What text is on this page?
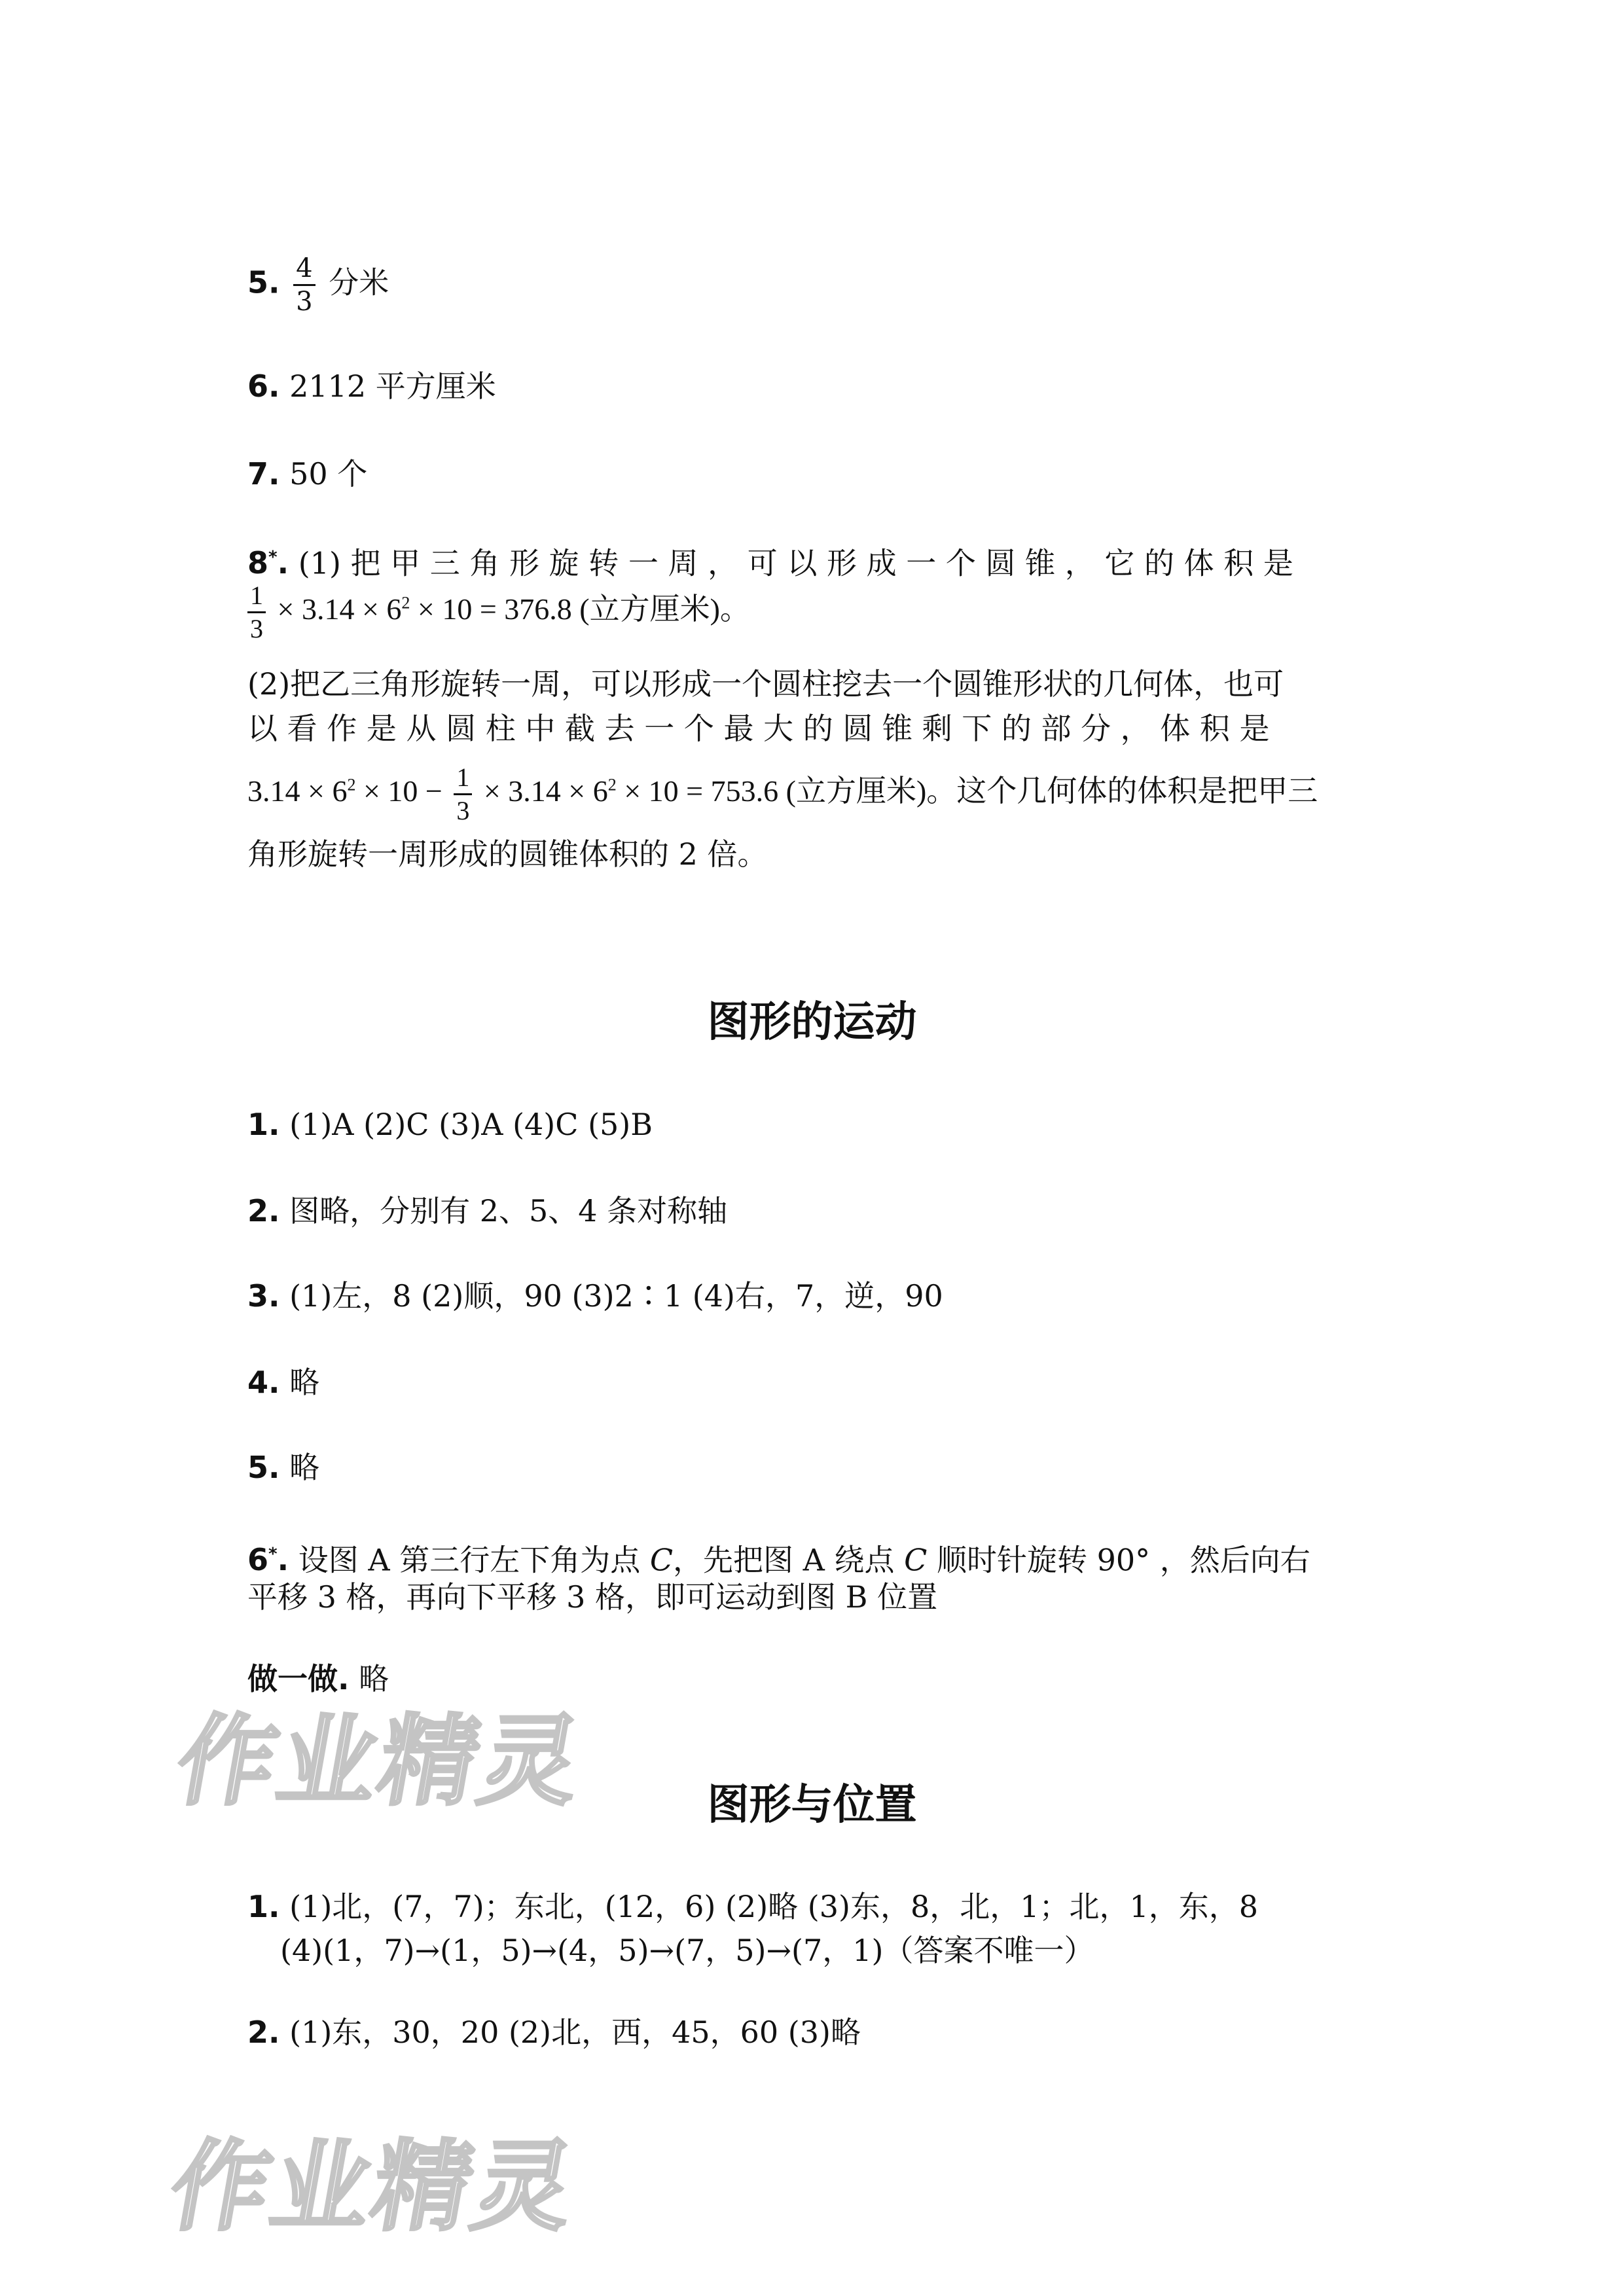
5. $\frac{4}{3}$ 分米
6. 2112 平方厘米
7. 50 个
8*. (1) 把 甲 三 角 形 旋 转 一 周 ， 可 以 形 成 一 个 圆 锥 ， 它 的 体 积 是
$\frac{1}{3} \times 3.14 \times 6^2 \times 10 = 376.8$ (立方厘米)。
(2)把乙三角形旋转一周，可以形成一个圆柱挖去一个圆锥形状的几何体，也可
以 看 作 是 从 圆 柱 中 截 去 一 个 最 大 的 圆 锥 剩 下 的 部 分 ， 体 积 是
$3.14 \times 6^2 \times 10 - \frac{1}{3} \times 3.14 \times 6^2 \times 10 = 753.6$ (立方厘米)。这个几何体的体积是把甲三
角形旋转一周形成的圆锥体积的 2 倍。
图形的运动
1. (1)A (2)C (3)A (4)C (5)B
2. 图略，分别有 2、5、4 条对称轴
3. (1)左，8 (2)顺，90 (3)2∶1 (4)右，7，逆，90
4. 略
5. 略
6*. 设图 A 第三行左下角为点 C，先把图 A 绕点 C 顺时针旋转 90° ，然后向右
平移 3 格，再向下平移 3 格，即可运动到图 B 位置
做一做. 略
作业精灵	图形与位置
1. (1)北，(7，7)；东北，(12，6) (2)略 (3)东，8，北，1；北，1，东，8
(4)(1，7)→(1，5)→(4，5)→(7，5)→(7，1)（答案不唯一）
2. (1)东，30，20 (2)北，西，45，60 (3)略
作业精灵
